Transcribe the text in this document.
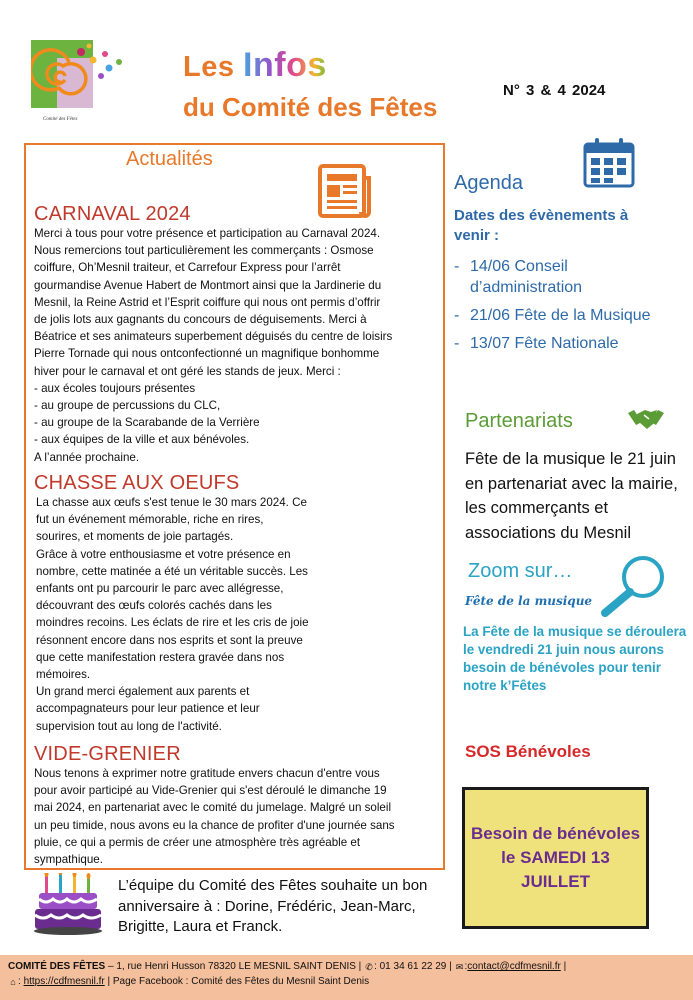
Comité des Fêtes
Les Infos
du Comité des Fêtes
N° 3 & 4 2024
Actualités
CARNAVAL 2024
Merci à tous pour votre présence et participation au Carnaval 2024.
Nous remercions tout particulièrement les commerçants : Osmose
coiffure, Oh’Mesnil traiteur, et Carrefour Express pour l’arrêt
gourmandise Avenue Habert de Montmort ainsi que la Jardinerie du
Mesnil, la Reine Astrid et l’Esprit coiffure qui nous ont permis d’offrir
de jolis lots aux gagnants du concours de déguisements. Merci à
Béatrice et ses animateurs superbement déguisés du centre de loisirs
Pierre Tornade qui nous ontconfectionné un magnifique bonhomme
hiver pour le carnaval et ont géré les stands de jeux. Merci :
- aux écoles toujours présentes
- au groupe de percussions du CLC,
- au groupe de la Scarabande de la Verrière
- aux équipes de la ville et aux bénévoles.
A l’année prochaine.
CHASSE AUX OEUFS
La chasse aux œufs s'est tenue le 30 mars 2024. Ce
fut un événement mémorable, riche en rires,
sourires, et moments de joie partagés.
Grâce à votre enthousiasme et votre présence en
nombre, cette matinée a été un véritable succès. Les
enfants ont pu parcourir le parc avec allégresse,
découvrant des œufs colorés cachés dans les
moindres recoins. Les éclats de rire et les cris de joie
résonnent encore dans nos esprits et sont la preuve
que cette manifestation restera gravée dans nos
mémoires.
Un grand merci également aux parents et
accompagnateurs pour leur patience et leur
supervision tout au long de l'activité.
VIDE-GRENIER
Nous tenons à exprimer notre gratitude envers chacun d'entre vous
pour avoir participé au Vide-Grenier qui s'est déroulé le dimanche 19
mai 2024, en partenariat avec le comité du jumelage. Malgré un soleil
un peu timide, nous avons eu la chance de profiter d'une journée sans
pluie, ce qui a permis de créer une atmosphère très agréable et
sympathique.
L’équipe du Comité des Fêtes souhaite un bon anniversaire à : Dorine, Frédéric, Jean-Marc, Brigitte, Laura et Franck.
Agenda
Dates des évènements à venir :
- 14/06 Conseil d’administration
- 21/06 Fête de la Musique
- 13/07 Fête Nationale
Partenariats
Fête de la musique le 21 juin en partenariat avec la mairie, les commerçants et associations du Mesnil
Zoom sur…
Fête de la musique
La Fête de la musique se déroulera le vendredi 21 juin nous aurons besoin de bénévoles pour tenir notre k’Fêtes
SOS Bénévoles
Besoin de bénévoles le SAMEDI 13 JUILLET
COMITÉ DES FÊTES – 1, rue Henri Husson 78320 LE MESNIL SAINT DENIS | ✆: 01 34 61 22 29 | ✉:contact@cdfmesnil.fr |
⌂ : https://cdfmesnil.fr | Page Facebook : Comité des Fêtes du Mesnil Saint Denis
